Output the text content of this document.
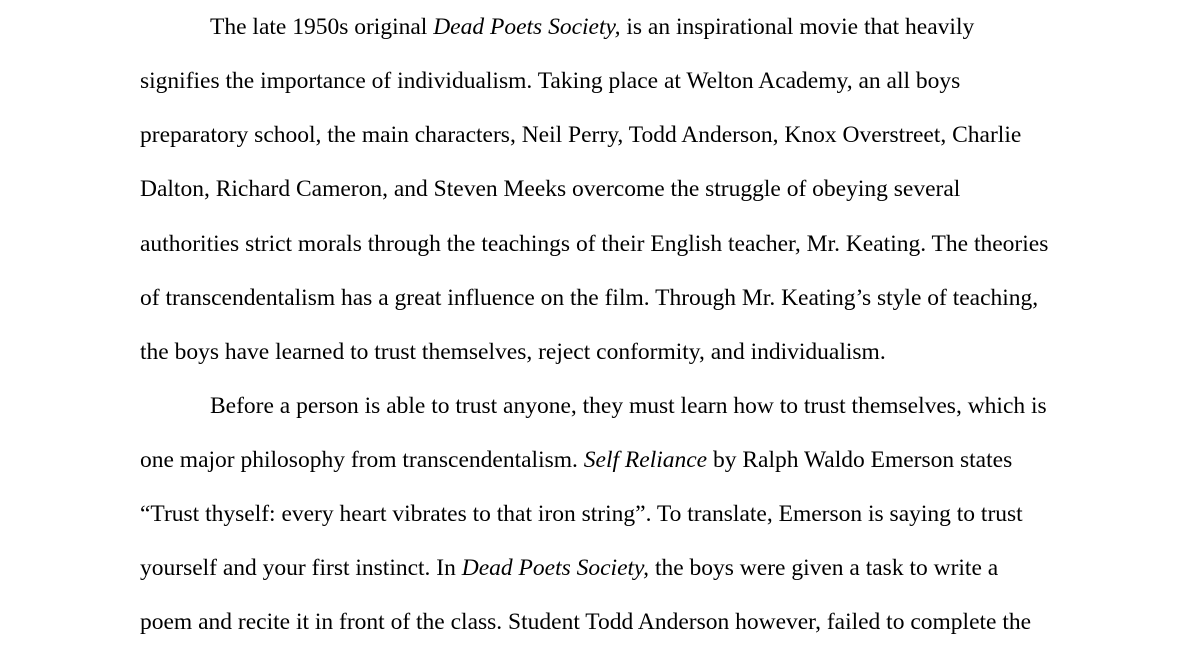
The late 1950s original Dead Poets Society, is an inspirational movie that heavily
signifies the importance of individualism. Taking place at Welton Academy, an all boys
preparatory school, the main characters, Neil Perry, Todd Anderson, Knox Overstreet, Charlie
Dalton, Richard Cameron, and Steven Meeks overcome the struggle of obeying several
authorities strict morals through the teachings of their English teacher, Mr. Keating. The theories
of transcendentalism has a great influence on the film. Through Mr. Keating’s style of teaching,
the boys have learned to trust themselves, reject conformity, and individualism.
Before a person is able to trust anyone, they must learn how to trust themselves, which is
one major philosophy from transcendentalism. Self Reliance by Ralph Waldo Emerson states
“Trust thyself: every heart vibrates to that iron string”. To translate, Emerson is saying to trust
yourself and your first instinct. In Dead Poets Society, the boys were given a task to write a
poem and recite it in front of the class. Student Todd Anderson however, failed to complete the
